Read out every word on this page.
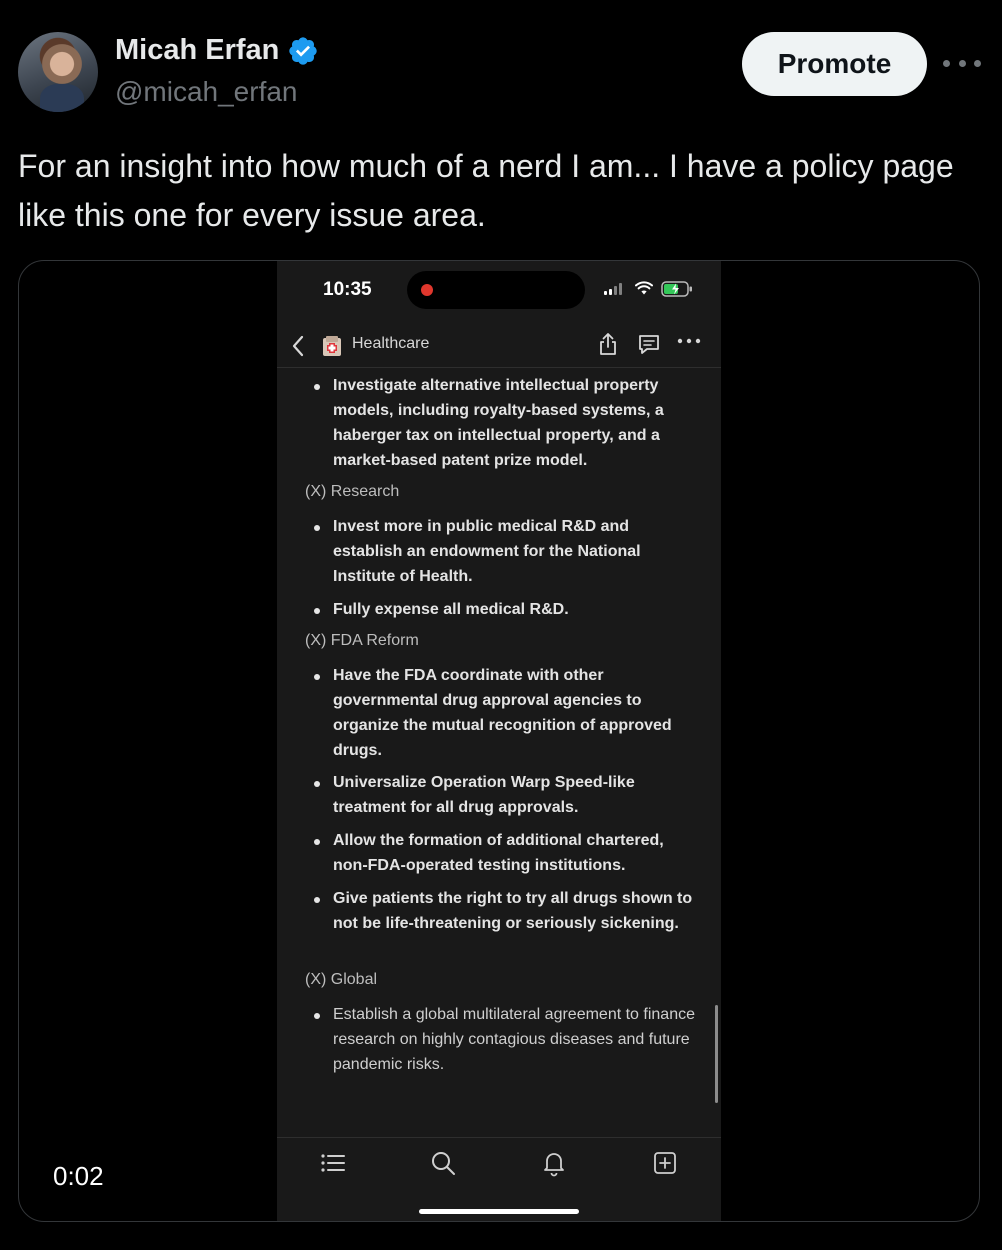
Micah Erfan
@micah_erfan
Promote
For an insight into how much of a nerd I am... I have a policy page like this one for every issue area.
10:35
Healthcare
Investigate alternative intellectual property models, including royalty-based systems, a haberger tax on intellectual property, and a market-based patent prize model.
(X) Research
Invest more in public medical R&D and establish an endowment for the National Institute of Health.
Fully expense all medical R&D.
(X) FDA Reform
Have the FDA coordinate with other governmental drug approval agencies to organize the mutual recognition of approved drugs.
Universalize Operation Warp Speed-like treatment for all drug approvals.
Allow the formation of additional chartered, non-FDA-operated testing institutions.
Give patients the right to try all drugs shown to not be life-threatening or seriously sickening.
(X) Global
Establish a global multilateral agreement to finance research on highly contagious diseases and future pandemic risks.
0:02
